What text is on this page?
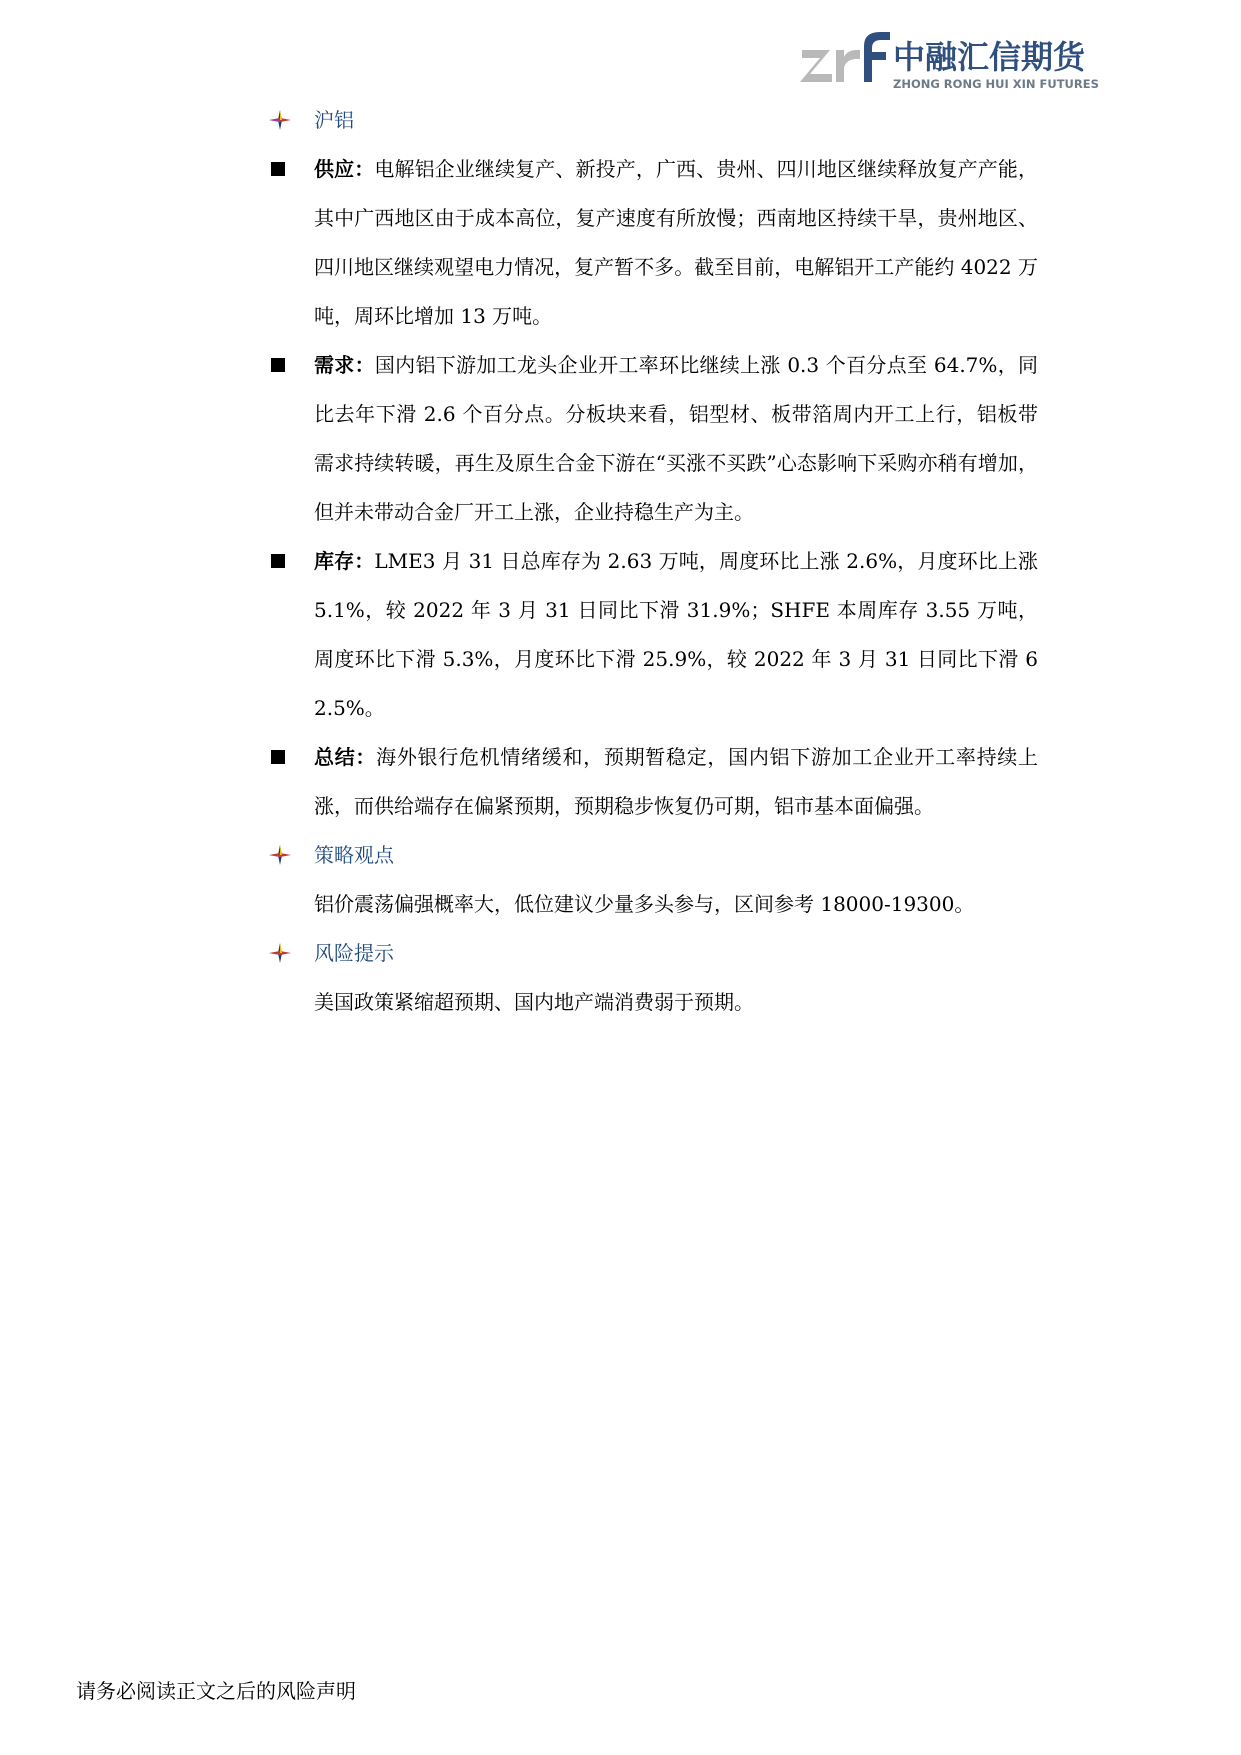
中融汇信期货
ZHONG RONG HUI XIN FUTURES
沪铝
供应：电解铝企业继续复产、新投产，广西、贵州、四川地区继续释放复产产能，其中广西地区由于成本高位，复产速度有所放慢；西南地区持续干旱，贵州地区、四川地区继续观望电力情况，复产暂不多。截至目前，电解铝开工产能约 4022 万吨，周环比增加 13 万吨。
需求：国内铝下游加工龙头企业开工率环比继续上涨 0.3 个百分点至 64.7%，同比去年下滑 2.6 个百分点。分板块来看，铝型材、板带箔周内开工上行，铝板带需求持续转暖，再生及原生合金下游在“买涨不买跌”心态影响下采购亦稍有增加，但并未带动合金厂开工上涨，企业持稳生产为主。
库存：LME3 月 31 日总库存为 2.63 万吨，周度环比上涨 2.6%，月度环比上涨 5.1%，较 2022 年 3 月 31 日同比下滑 31.9%；SHFE 本周库存 3.55 万吨，周度环比下滑 5.3%，月度环比下滑 25.9%，较 2022 年 3 月 31 日同比下滑 62.5%。
总结：海外银行危机情绪缓和，预期暂稳定，国内铝下游加工企业开工率持续上涨，而供给端存在偏紧预期，预期稳步恢复仍可期，铝市基本面偏强。
策略观点
铝价震荡偏强概率大，低位建议少量多头参与，区间参考 18000-19300。
风险提示
美国政策紧缩超预期、国内地产端消费弱于预期。
请务必阅读正文之后的风险声明
